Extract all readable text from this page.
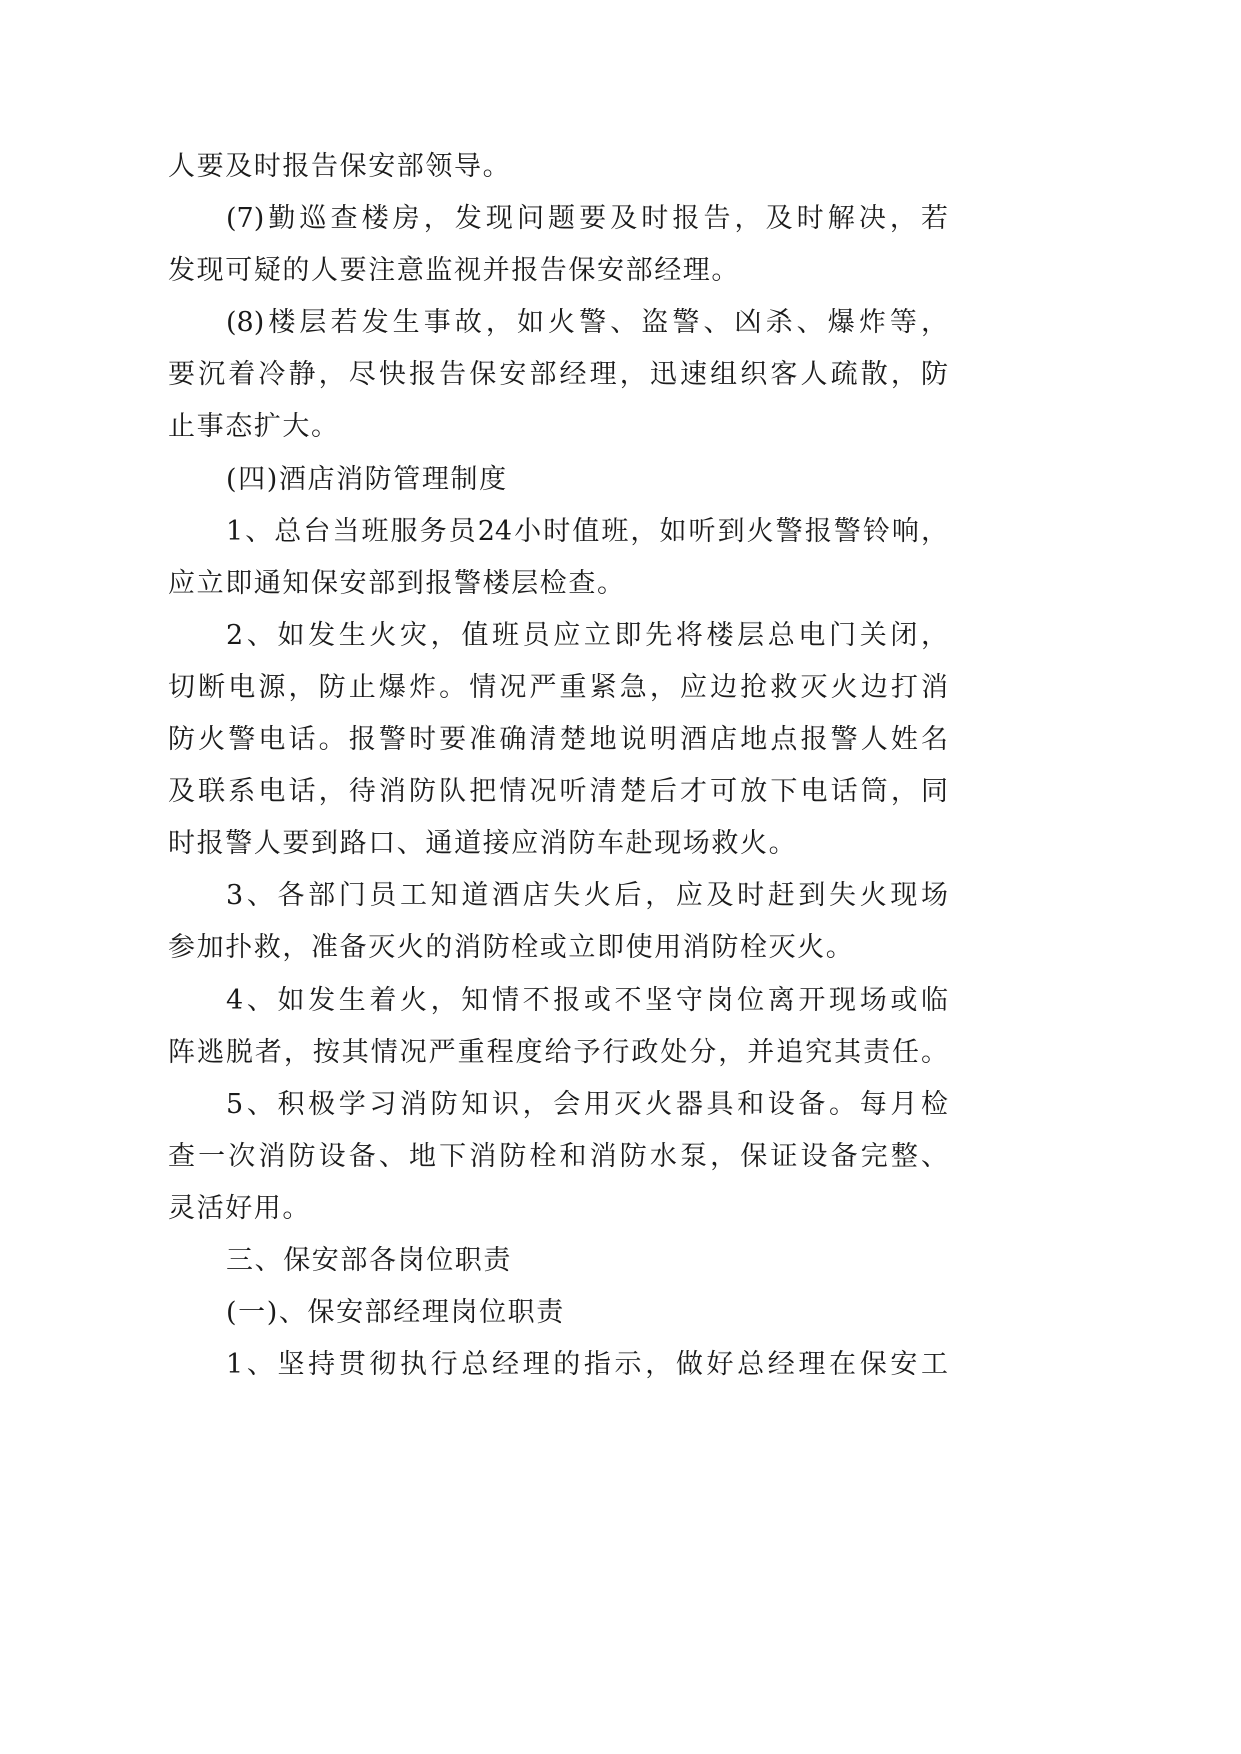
人要及时报告保安部领导。
(7)勤巡查楼房，发现问题要及时报告，及时解决，若
发现可疑的人要注意监视并报告保安部经理。
(8)楼层若发生事故，如火警、盗警、凶杀、爆炸等，
要沉着冷静，尽快报告保安部经理，迅速组织客人疏散，防
止事态扩大。
(四)酒店消防管理制度
1、总台当班服务员24小时值班，如听到火警报警铃响，
应立即通知保安部到报警楼层检查。
2、如发生火灾，值班员应立即先将楼层总电门关闭，
切断电源，防止爆炸。情况严重紧急，应边抢救灭火边打消
防火警电话。报警时要准确清楚地说明酒店地点报警人姓名
及联系电话，待消防队把情况听清楚后才可放下电话筒，同
时报警人要到路口、通道接应消防车赴现场救火。
3、各部门员工知道酒店失火后，应及时赶到失火现场
参加扑救，准备灭火的消防栓或立即使用消防栓灭火。
4、如发生着火，知情不报或不坚守岗位离开现场或临
阵逃脱者，按其情况严重程度给予行政处分，并追究其责任。
5、积极学习消防知识，会用灭火器具和设备。每月检
查一次消防设备、地下消防栓和消防水泵，保证设备完整、
灵活好用。
三、保安部各岗位职责
(一)、保安部经理岗位职责
1、坚持贯彻执行总经理的指示，做好总经理在保安工
